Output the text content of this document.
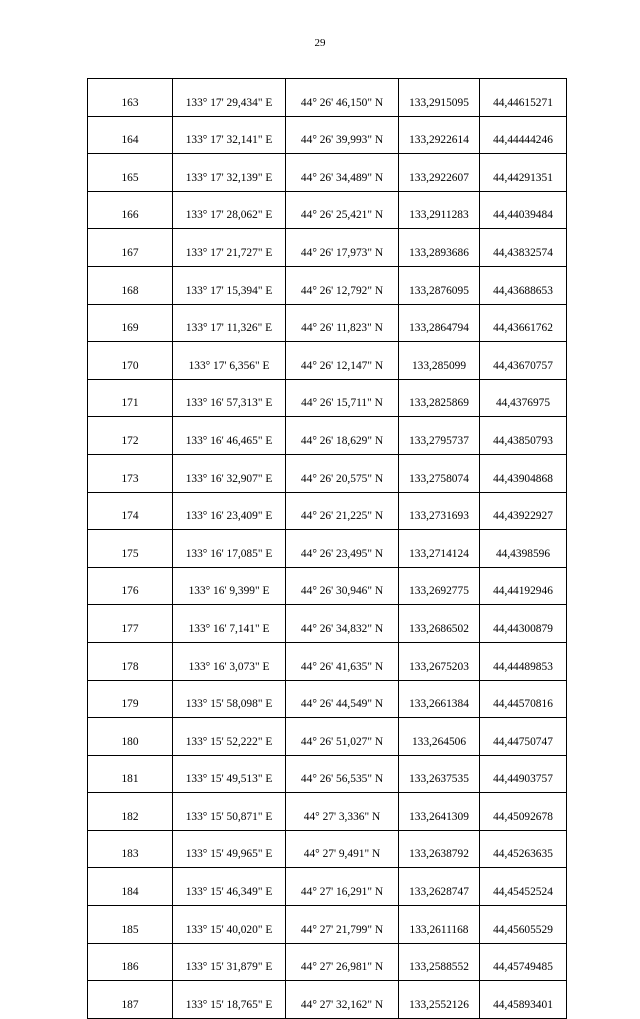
29
163	133° 17' 29,434" E	44° 26' 46,150" N	133,2915095	44,44615271
164	133° 17' 32,141" E	44° 26' 39,993" N	133,2922614	44,44444246
165	133° 17' 32,139" E	44° 26' 34,489" N	133,2922607	44,44291351
166	133° 17' 28,062" E	44° 26' 25,421" N	133,2911283	44,44039484
167	133° 17' 21,727" E	44° 26' 17,973" N	133,2893686	44,43832574
168	133° 17' 15,394" E	44° 26' 12,792" N	133,2876095	44,43688653
169	133° 17' 11,326" E	44° 26' 11,823" N	133,2864794	44,43661762
170	133° 17' 6,356" E	44° 26' 12,147" N	133,285099	44,43670757
171	133° 16' 57,313" E	44° 26' 15,711" N	133,2825869	44,4376975
172	133° 16' 46,465" E	44° 26' 18,629" N	133,2795737	44,43850793
173	133° 16' 32,907" E	44° 26' 20,575" N	133,2758074	44,43904868
174	133° 16' 23,409" E	44° 26' 21,225" N	133,2731693	44,43922927
175	133° 16' 17,085" E	44° 26' 23,495" N	133,2714124	44,4398596
176	133° 16' 9,399" E	44° 26' 30,946" N	133,2692775	44,44192946
177	133° 16' 7,141" E	44° 26' 34,832" N	133,2686502	44,44300879
178	133° 16' 3,073" E	44° 26' 41,635" N	133,2675203	44,44489853
179	133° 15' 58,098" E	44° 26' 44,549" N	133,2661384	44,44570816
180	133° 15' 52,222" E	44° 26' 51,027" N	133,264506	44,44750747
181	133° 15' 49,513" E	44° 26' 56,535" N	133,2637535	44,44903757
182	133° 15' 50,871" E	44° 27' 3,336" N	133,2641309	44,45092678
183	133° 15' 49,965" E	44° 27' 9,491" N	133,2638792	44,45263635
184	133° 15' 46,349" E	44° 27' 16,291" N	133,2628747	44,45452524
185	133° 15' 40,020" E	44° 27' 21,799" N	133,2611168	44,45605529
186	133° 15' 31,879" E	44° 27' 26,981" N	133,2588552	44,45749485
187	133° 15' 18,765" E	44° 27' 32,162" N	133,2552126	44,45893401
